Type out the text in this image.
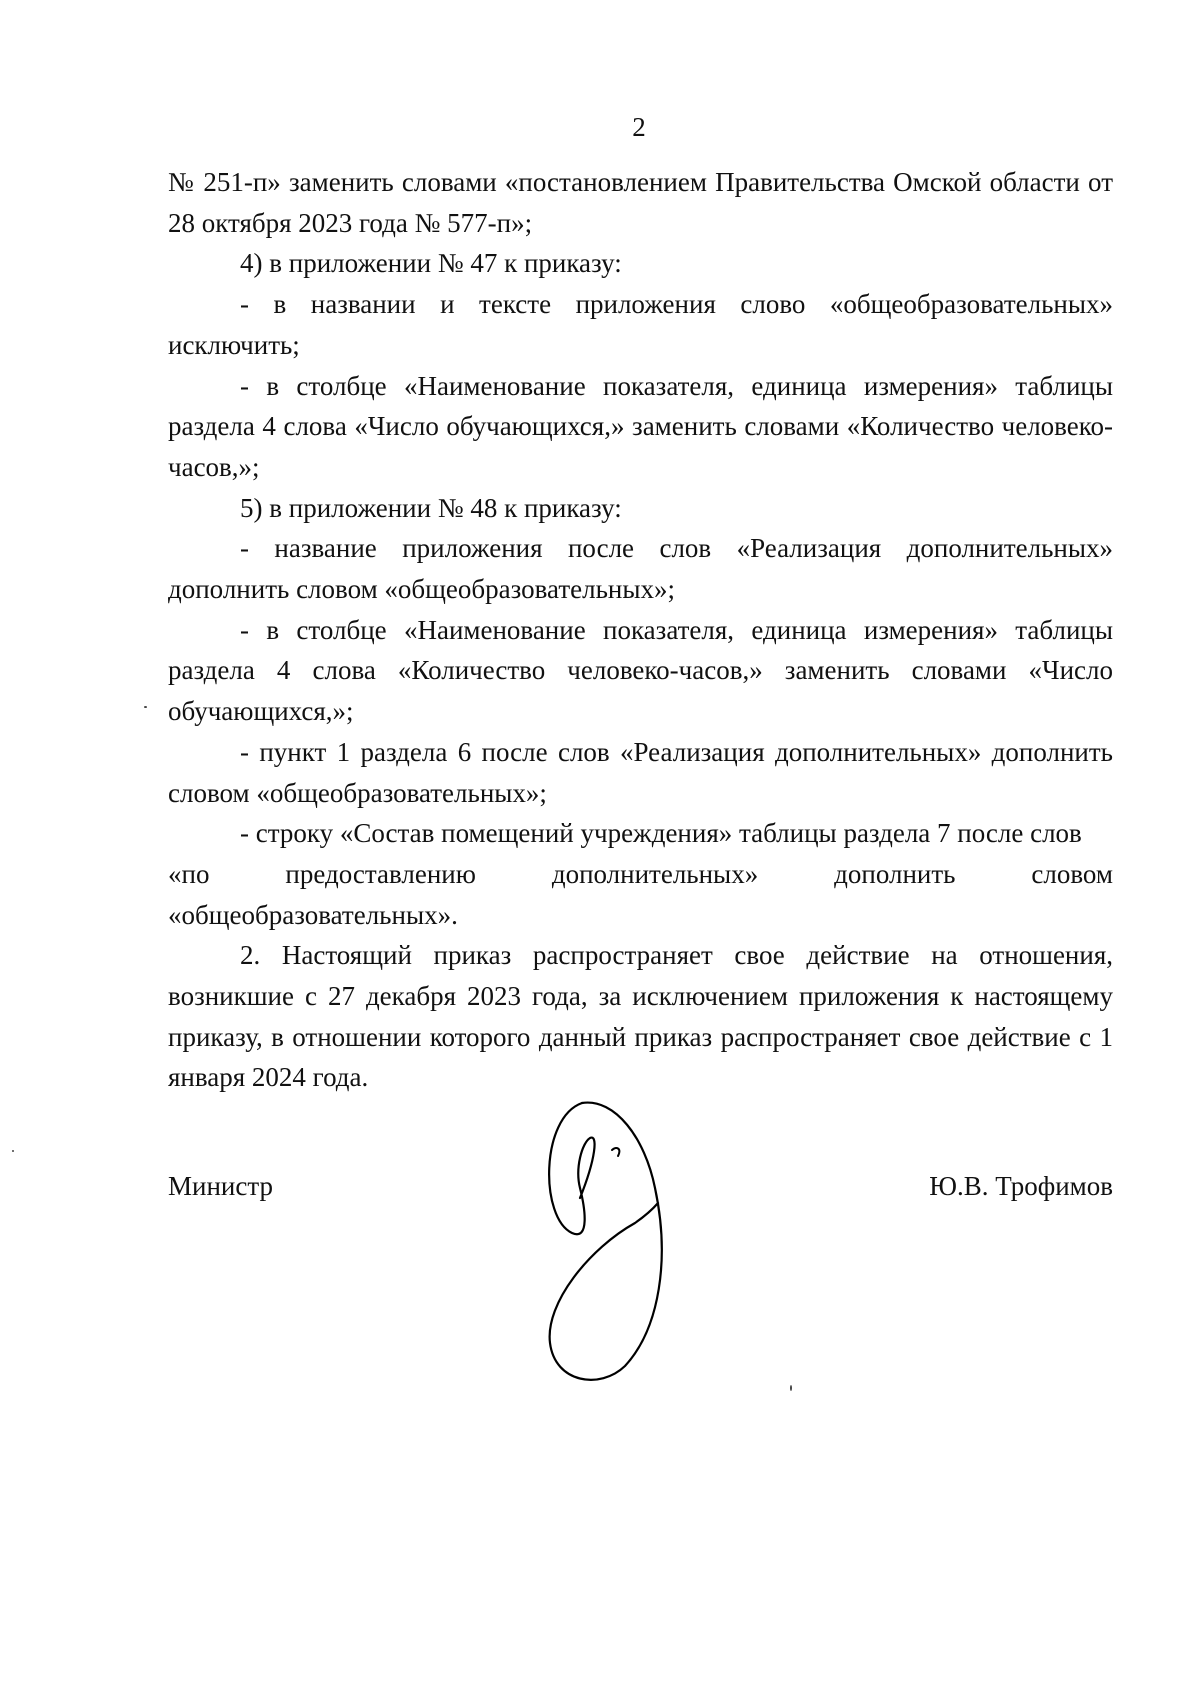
2

№ 251-п» заменить словами «постановлением Правительства Омской области от 28 октября 2023 года № 577-п»;

4) в приложении № 47 к приказу:

- в названии и тексте приложения слово «общеобразовательных» исключить;

- в столбце «Наименование показателя, единица измерения» таблицы раздела 4 слова «Число обучающихся,» заменить словами «Количество человеко-часов,»;

5) в приложении № 48 к приказу:

- название приложения после слов «Реализация дополнительных» дополнить словом «общеобразовательных»;

- в столбце «Наименование показателя, единица измерения» таблицы раздела 4 слова «Количество человеко-часов,» заменить словами «Число обучающихся,»;

- пункт 1 раздела 6 после слов «Реализация дополнительных» дополнить словом «общеобразовательных»;

- строку «Состав помещений учреждения» таблицы раздела 7 после слов

«по предоставлению дополнительных» дополнить словом

«общеобразовательных».

2. Настоящий приказ распространяет свое действие на отношения, возникшие с 27 декабря 2023 года, за исключением приложения к настоящему приказу, в отношении которого данный приказ распространяет свое действие с 1 января 2024 года.

Министр	Ю.В. Трофимов
